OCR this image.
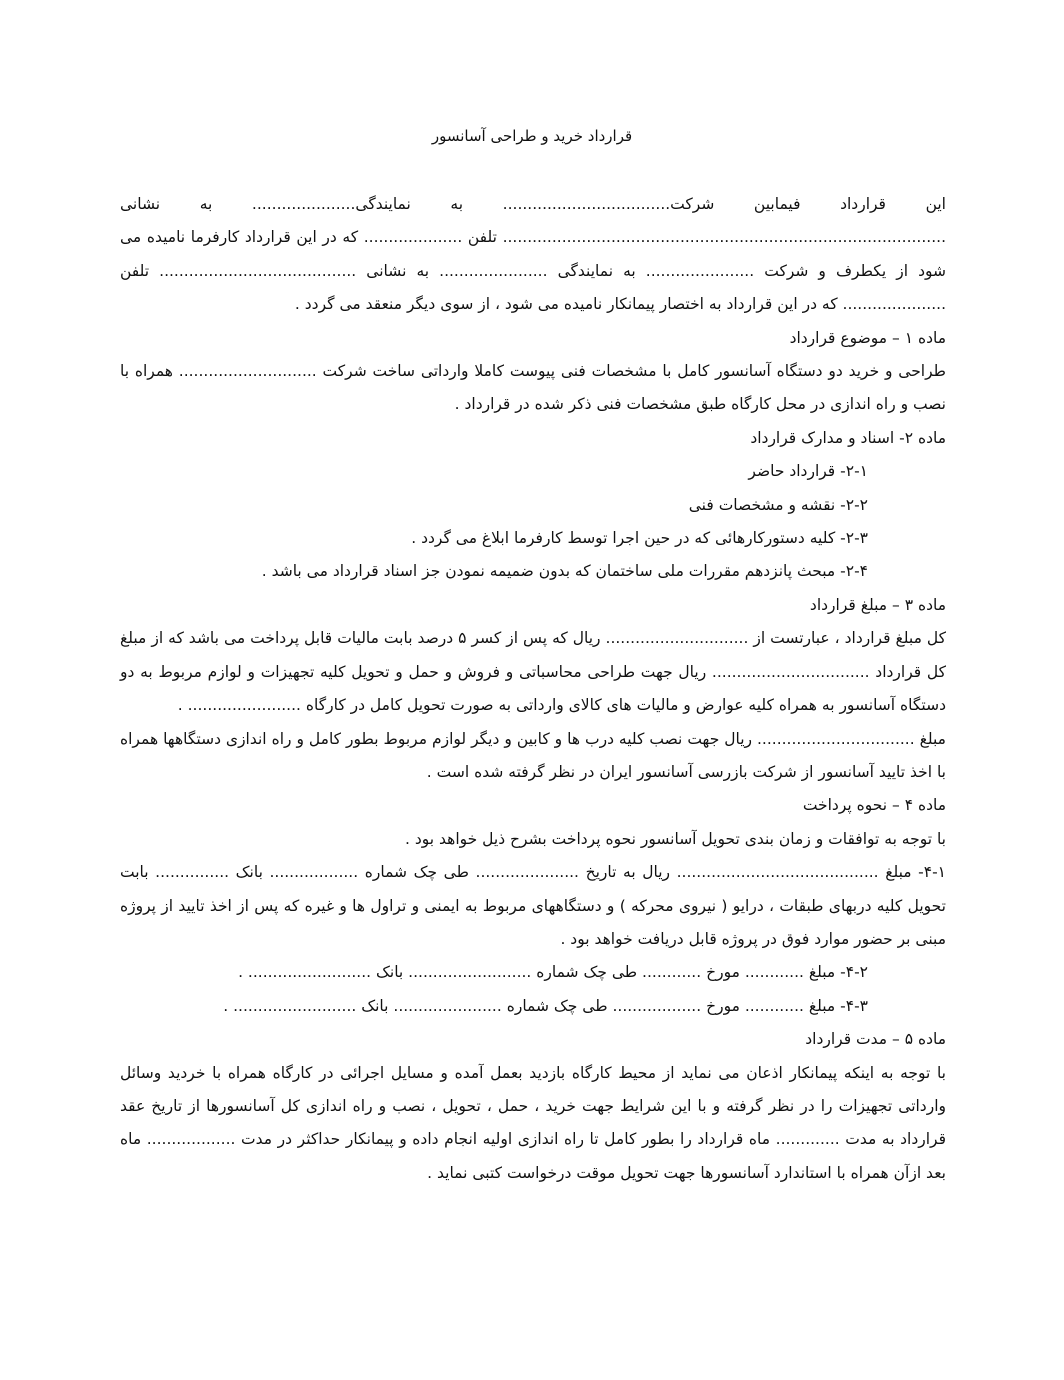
قرارداد خرید و طراحی آسانسور

این قرارداد فیمابین شرکت.................................. به نمایندگی..................... به نشانی .......................................................................................... تلفن .................... که در این قرارداد کارفرما نامیده می شود از یکطرف و شرکت ...................... به نمایندگی ...................... به نشانی ........................................ تلفن ..................... که در این قرارداد به اختصار پیمانکار نامیده می شود ، از سوی دیگر منعقد می گردد .

ماده ۱ – موضوع قرارداد

طراحی و خرید دو دستگاه آسانسور کامل با مشخصات فنی پیوست کاملا وارداتی ساخت شرکت ............................ همراه با نصب و راه اندازی در محل کارگاه طبق مشخصات فنی ذکر شده در قرارداد .

ماده ۲- اسناد و مدارک قرارداد

۲-۱- قرارداد حاضر

۲-۲- نقشه و مشخصات فنی

۲-۳- کلیه دستورکارهائی که در حین اجرا توسط کارفرما ابلاغ می گردد .

۲-۴- مبحث پانزدهم مقررات ملی ساختمان که بدون ضمیمه نمودن جز اسناد قرارداد می باشد .

ماده ۳ – مبلغ قرارداد

کل مبلغ قرارداد ، عبارتست از ............................. ریال که پس از کسر ۵ درصد بابت مالیات قابل پرداخت می باشد که از مبلغ کل قرارداد ................................ ریال جهت طراحی محاسباتی و فروش و حمل و تحویل کلیه تجهیزات و لوازم مربوط به دو دستگاه آسانسور به همراه کلیه عوارض و مالیات های کالای وارداتی به صورت تحویل کامل در کارگاه ....................... .

مبلغ ................................ ریال جهت نصب کلیه درب ها و کابین و دیگر لوازم مربوط بطور کامل و راه اندازی دستگاهها همراه با اخذ تایید آسانسور از شرکت بازرسی آسانسور ایران در نظر گرفته شده است .

ماده ۴ – نحوه پرداخت

با توجه به توافقات و زمان بندی تحویل آسانسور نحوه پرداخت بشرح ذیل خواهد بود .

۴-۱- مبلغ ......................................... ریال به تاریخ ..................... طی چک شماره .................. بانک ............... بابت تحویل کلیه دربهای طبقات ، درایو ( نیروی محرکه ) و دستگاههای مربوط به ایمنی و تراول ها و غیره که پس از اخذ تایید از پروژه مبنی بر حضور موارد فوق در پروژه قابل دریافت خواهد بود .

۴-۲- مبلغ ............ مورخ ............ طی چک شماره ......................... بانک ......................... .

۴-۳- مبلغ ............ مورخ .................. طی چک شماره ...................... بانک ......................... .

ماده ۵ – مدت قرارداد

با توجه به اینکه پیمانکار اذعان می نماید از محیط کارگاه بازدید بعمل آمده و مسایل اجرائی در کارگاه همراه با خردید وسائل وارداتی تجهیزات را در نظر گرفته و با این شرایط جهت خرید ، حمل ، تحویل ، نصب و راه اندازی کل آسانسورها از تاریخ عقد قرارداد به مدت ............. ماه قرارداد را بطور کامل تا راه اندازی اولیه انجام داده و پیمانکار حداکثر در مدت .................. ماه بعد ازآن همراه با استاندارد آسانسورها جهت تحویل موقت درخواست کتبی نماید .
